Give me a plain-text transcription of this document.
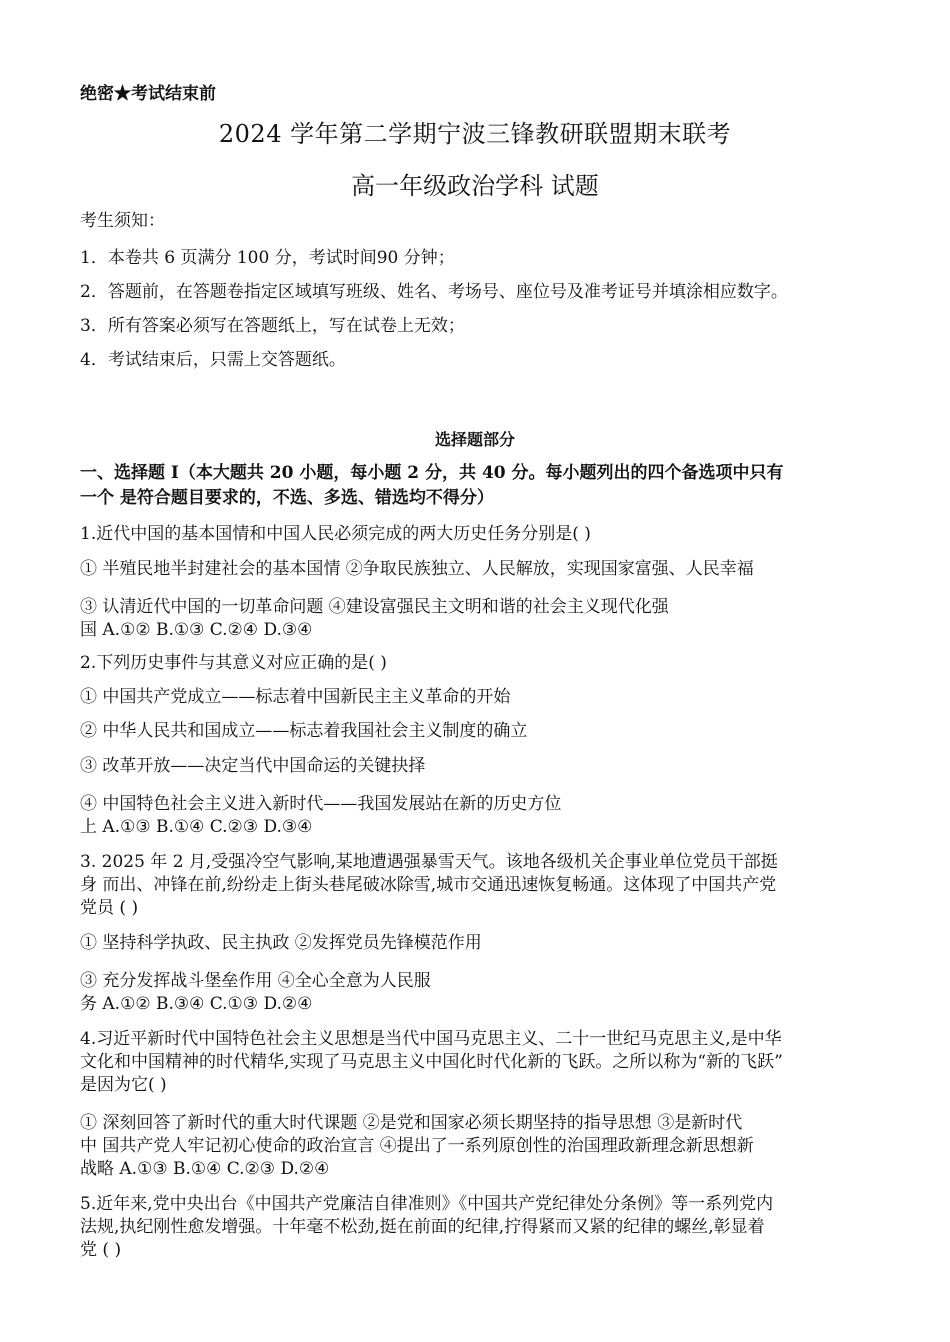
绝密★考试结束前

2024 学年第二学期宁波三锋教研联盟期末联考

高一年级政治学科 试题

考生须知：

1．本卷共 6 页满分 100 分，考试时间90 分钟；

2．答题前，在答题卷指定区域填写班级、姓名、考场号、座位号及准考证号并填涂相应数字。

3．所有答案必须写在答题纸上，写在试卷上无效；

4．考试结束后，只需上交答题纸。

选择题部分

一、选择题 I（本大题共 20 小题，每小题 2 分，共 40 分。每小题列出的四个备选项中只有

一个 是符合题目要求的，不选、多选、错选均不得分）

1.近代中国的基本国情和中国人民必须完成的两大历史任务分别是( )

① 半殖民地半封建社会的基本国情 ②争取民族独立、人民解放，实现国家富强、人民幸福

③ 认清近代中国的一切革命问题 ④建设富强民主文明和谐的社会主义现代化强

国 A.①② B.①③ C.②④ D.③④

2.下列历史事件与其意义对应正确的是( )

① 中国共产党成立——标志着中国新民主主义革命的开始

② 中华人民共和国成立——标志着我国社会主义制度的确立

③ 改革开放——决定当代中国命运的关键抉择

④ 中国特色社会主义进入新时代——我国发展站在新的历史方位

上 A.①③ B.①④ C.②③ D.③④

3. 2025 年 2 月,受强冷空气影响,某地遭遇强暴雪天气。该地各级机关企事业单位党员干部挺

身 而出、冲锋在前,纷纷走上街头巷尾破冰除雪,城市交通迅速恢复畅通。这体现了中国共产党

党员 ( )

① 坚持科学执政、民主执政 ②发挥党员先锋模范作用

③ 充分发挥战斗堡垒作用 ④全心全意为人民服

务 A.①② B.③④ C.①③ D.②④

4.习近平新时代中国特色社会主义思想是当代中国马克思主义、二十一世纪马克思主义,是中华

文化和中国精神的时代精华,实现了马克思主义中国化时代化新的飞跃。之所以称为“新的飞跃”

是因为它( )

① 深刻回答了新时代的重大时代课题 ②是党和国家必须长期坚持的指导思想 ③是新时代

中 国共产党人牢记初心使命的政治宣言 ④提出了一系列原创性的治国理政新理念新思想新

战略 A.①③ B.①④ C.②③ D.②④

5.近年来,党中央出台《中国共产党廉洁自律准则》《中国共产党纪律处分条例》等一系列党内

法规,执纪刚性愈发增强。十年毫不松劲,挺在前面的纪律,拧得紧而又紧的纪律的螺丝,彰显着

党 ( )
